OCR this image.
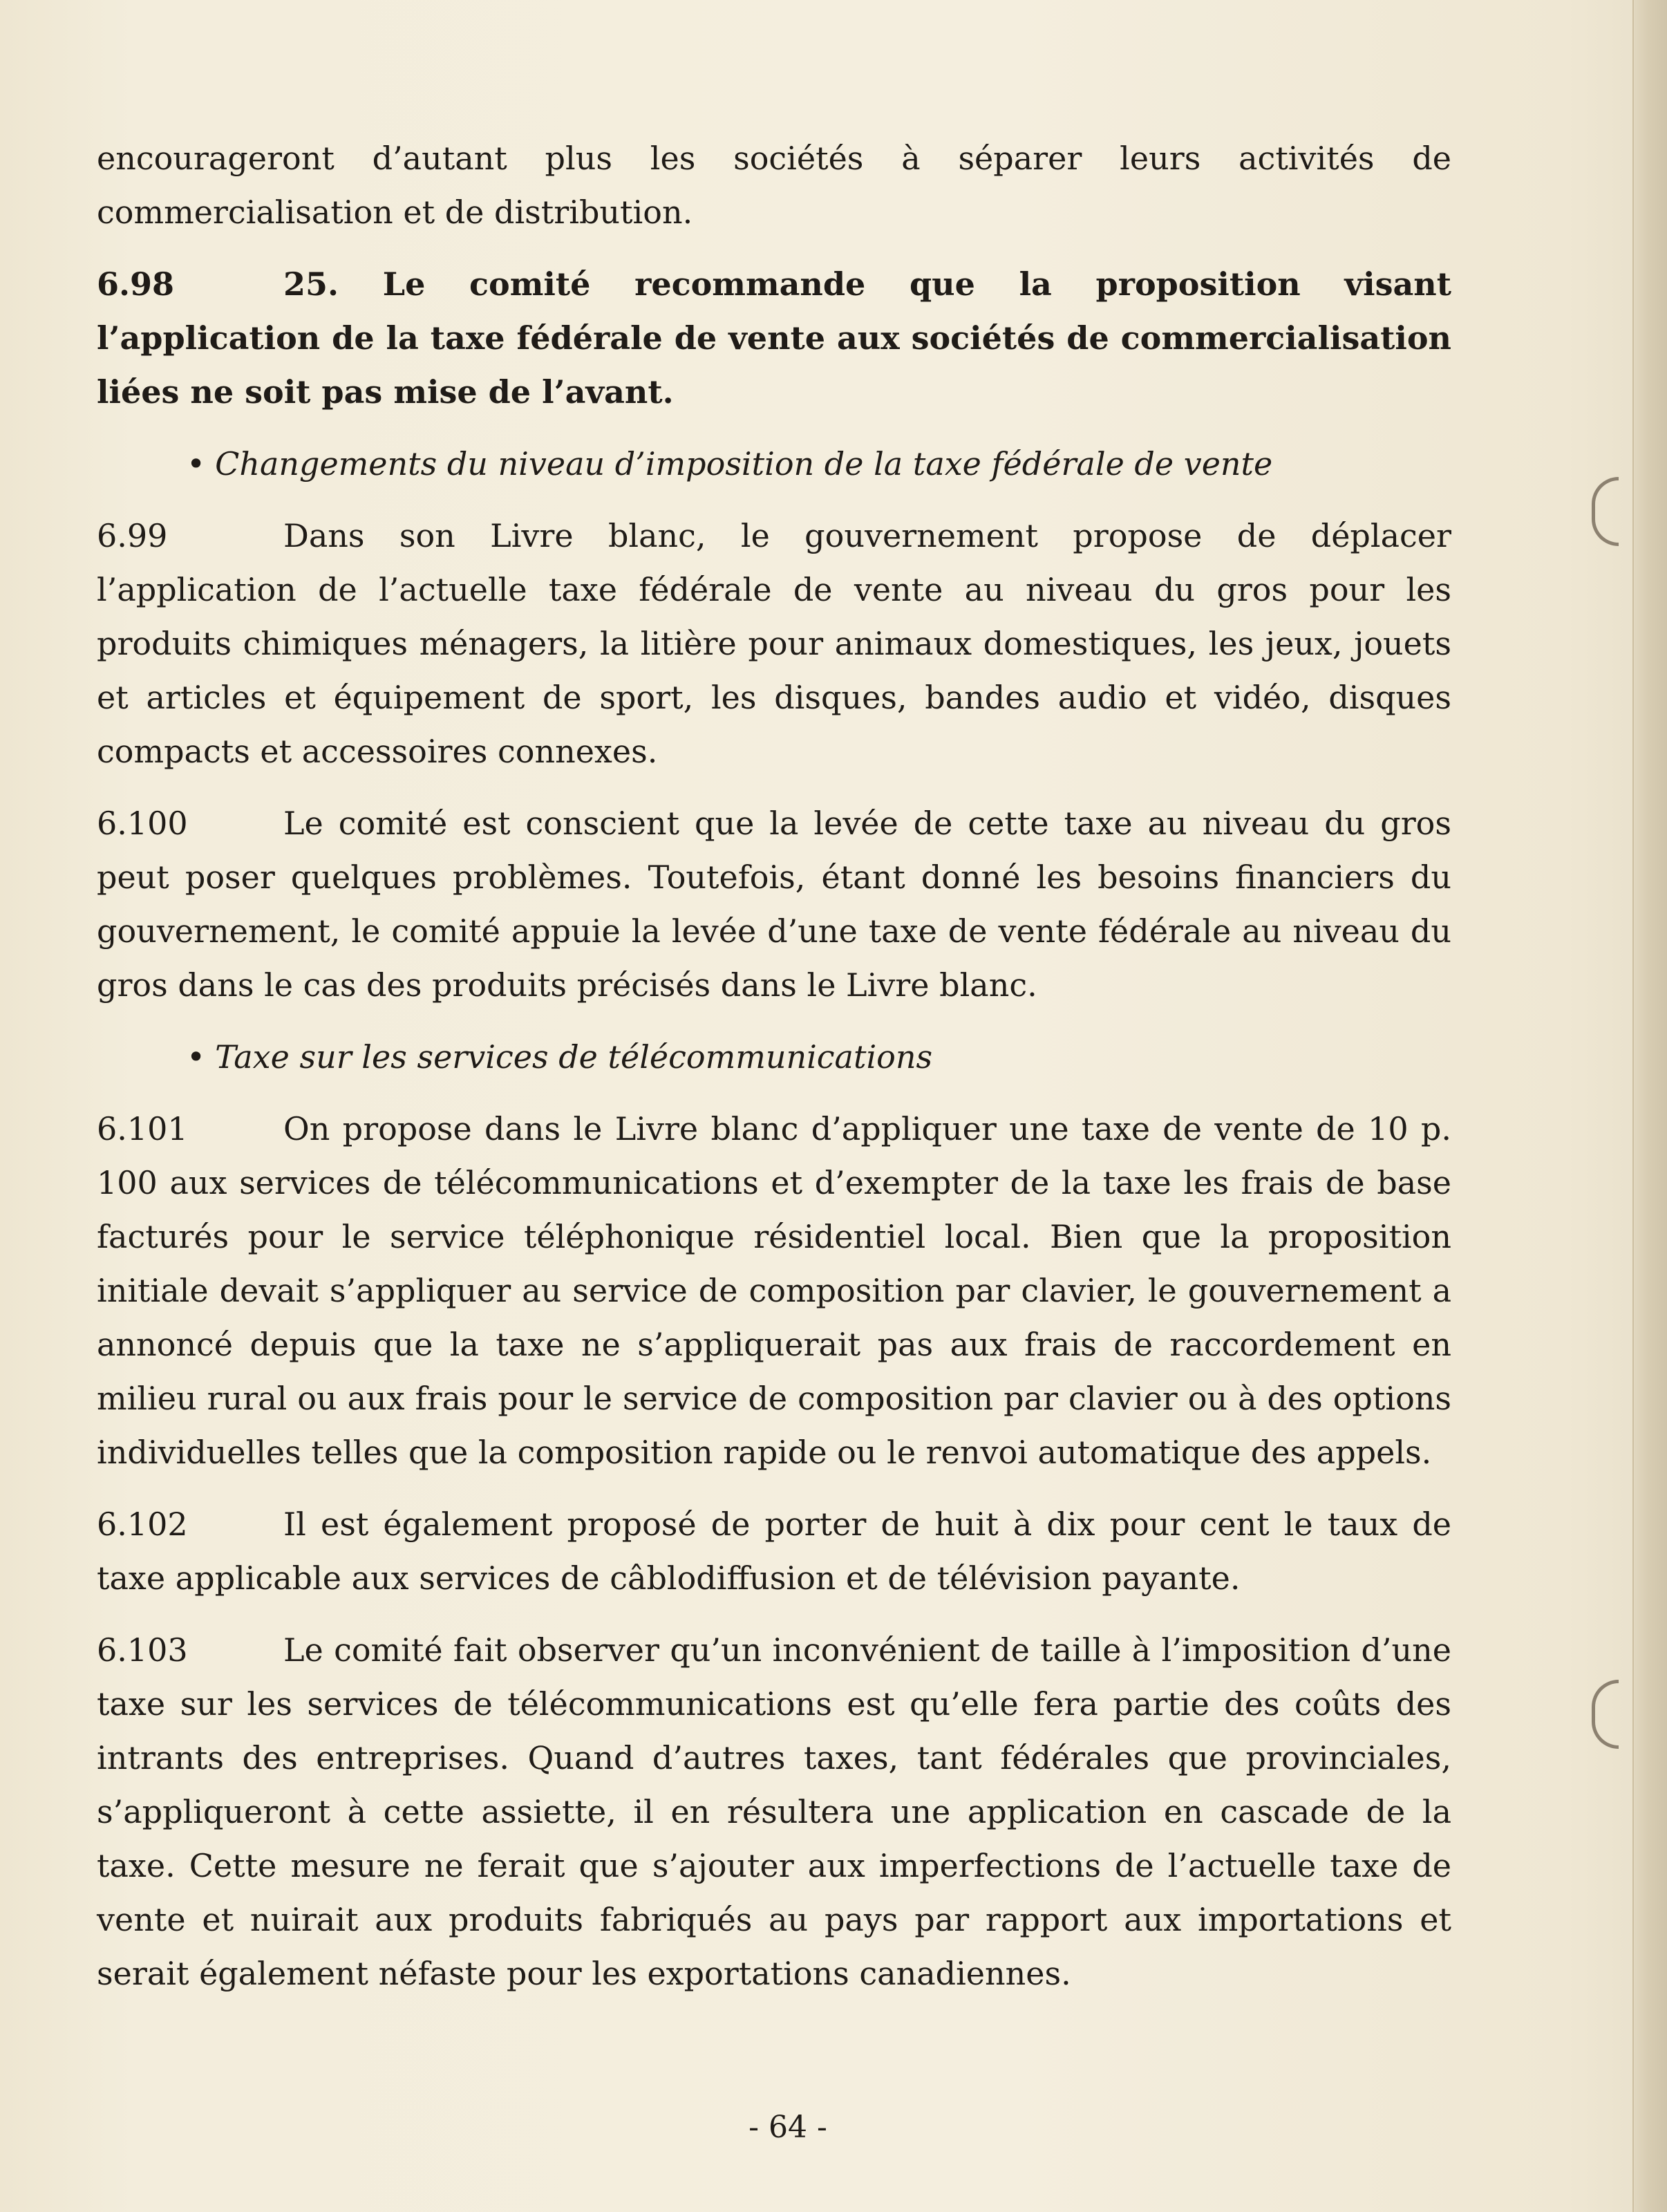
encourageront d’autant plus les sociétés à séparer leurs activités de commercialisation et de distribution.

6.98	25. Le comité recommande que la proposition visant l’application de la taxe fédérale de vente aux sociétés de commercialisation liées ne soit pas mise de l’avant.

• Changements du niveau d’imposition de la taxe fédérale de vente

6.99	Dans son Livre blanc, le gouvernement propose de déplacer l’application de l’actuelle taxe fédérale de vente au niveau du gros pour les produits chimiques ménagers, la litière pour animaux domestiques, les jeux, jouets et articles et équipement de sport, les disques, bandes audio et vidéo, disques compacts et accessoires connexes.

6.100	Le comité est conscient que la levée de cette taxe au niveau du gros peut poser quelques problèmes. Toutefois, étant donné les besoins financiers du gouvernement, le comité appuie la levée d’une taxe de vente fédérale au niveau du gros dans le cas des produits précisés dans le Livre blanc.

• Taxe sur les services de télécommunications

6.101	On propose dans le Livre blanc d’appliquer une taxe de vente de 10 p. 100 aux services de télécommunications et d’exempter de la taxe les frais de base facturés pour le service téléphonique résidentiel local. Bien que la proposition initiale devait s’appliquer au service de composition par clavier, le gouvernement a annoncé depuis que la taxe ne s’appliquerait pas aux frais de raccordement en milieu rural ou aux frais pour le service de composition par clavier ou à des options individuelles telles que la composition rapide ou le renvoi automatique des appels.

6.102	Il est également proposé de porter de huit à dix pour cent le taux de taxe applicable aux services de câblodiffusion et de télévision payante.

6.103	Le comité fait observer qu’un inconvénient de taille à l’imposition d’une taxe sur les services de télécommunications est qu’elle fera partie des coûts des intrants des entreprises. Quand d’autres taxes, tant fédérales que provinciales, s’appliqueront à cette assiette, il en résultera une application en cascade de la taxe. Cette mesure ne ferait que s’ajouter aux imperfections de l’actuelle taxe de vente et nuirait aux produits fabriqués au pays par rapport aux importations et serait également néfaste pour les exportations canadiennes.

- 64 -
